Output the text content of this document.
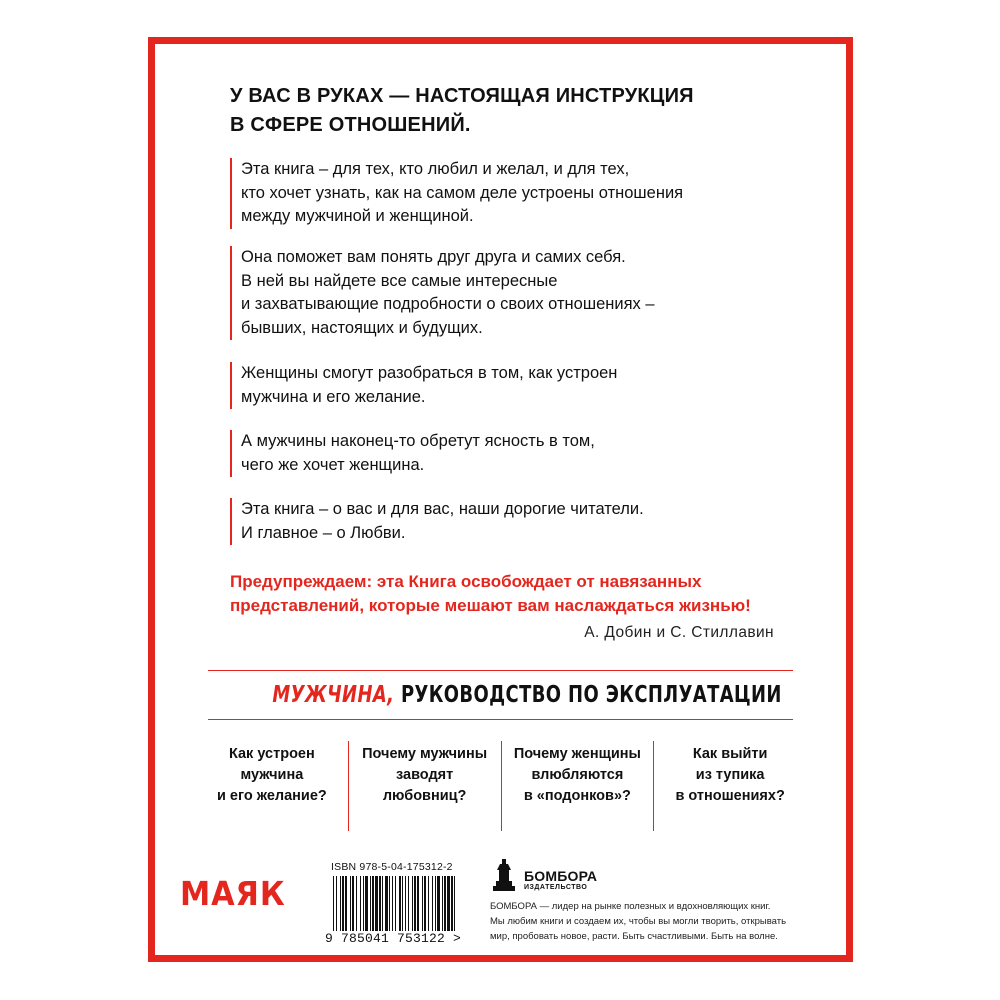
У ВАС В РУКАХ — НАСТОЯЩАЯ ИНСТРУКЦИЯ
В СФЕРЕ ОТНОШЕНИЙ.
Эта книга – для тех, кто любил и желал, и для тех,
кто хочет узнать, как на самом деле устроены отношения
между мужчиной и женщиной.
Она поможет вам понять друг друга и самих себя.
В ней вы найдете все самые интересные
и захватывающие подробности о своих отношениях –
бывших, настоящих и будущих.
Женщины смогут разобраться в том, как устроен
мужчина и его желание.
А мужчины наконец-то обретут ясность в том,
чего же хочет женщина.
Эта книга – о вас и для вас, наши дорогие читатели.
И главное – о Любви.
Предупреждаем: эта Книга освобождает от навязанных
представлений, которые мешают вам наслаждаться жизнью!
А. Добин и С. Стиллавин
МУЖЧИНА, РУКОВОДСТВО ПО ЭКСПЛУАТАЦИИ
Как устроен
мужчина
и его желание?
Почему мужчины
заводят
любовниц?
Почему женщины
влюбляются
в «подонков»?
Как выйти
из тупика
в отношениях?
МАЯК
ISBN 978-5-04-175312-2
9 785041 753122 >
БОМБОРА
ИЗДАТЕЛЬСТВО
БОМБОРА — лидер на рынке полезных и вдохновляющих книг.
Мы любим книги и создаем их, чтобы вы могли творить, открывать
мир, пробовать новое, расти. Быть счастливыми. Быть на волне.
